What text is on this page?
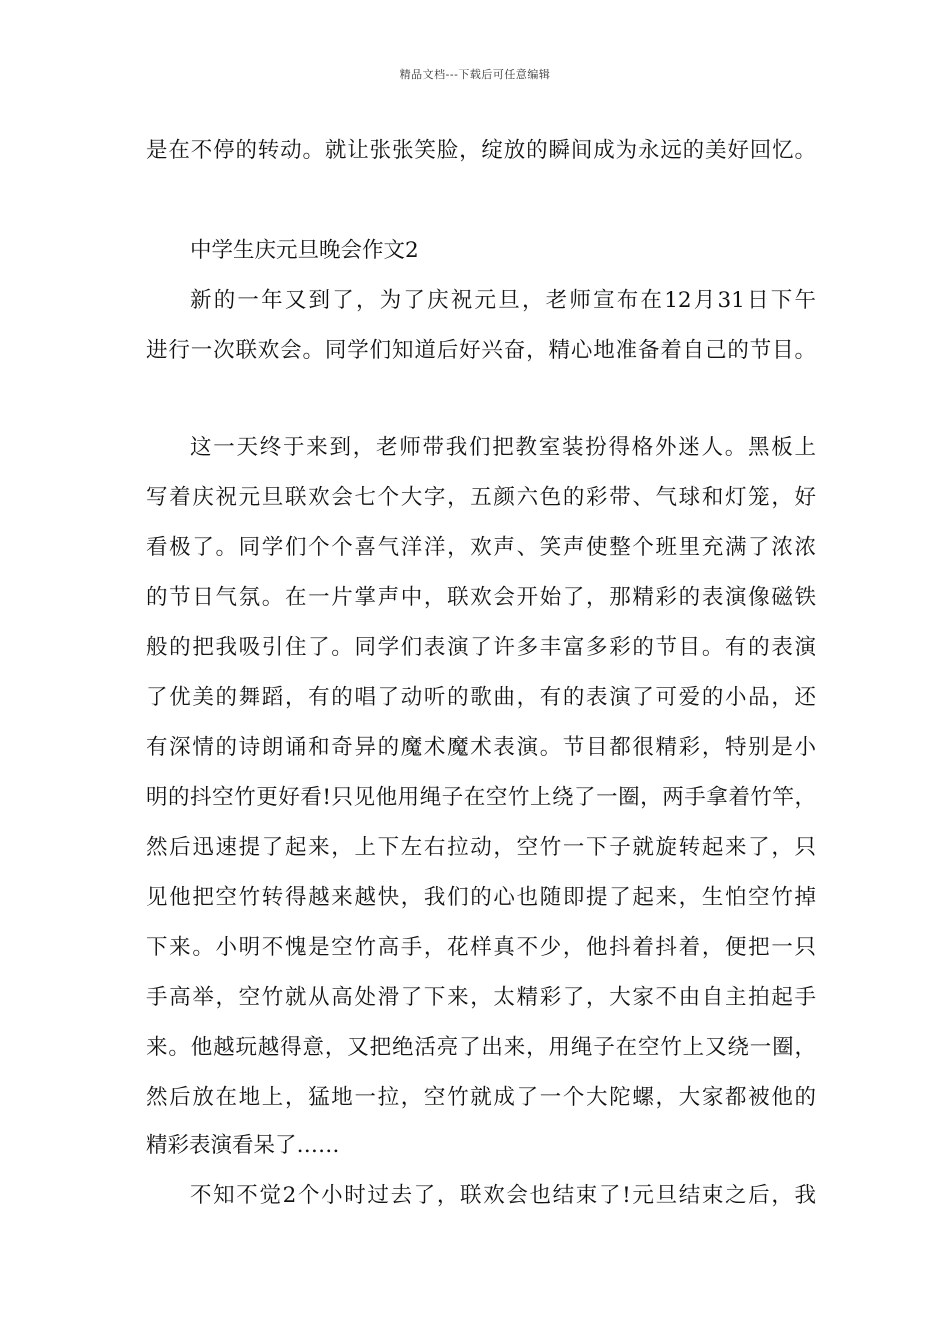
精品文档---下载后可任意编辑
是在不停的转动。就让张张笑脸，绽放的瞬间成为永远的美好回忆。
中学生庆元旦晚会作文2
新的一年又到了，为了庆祝元旦，老师宣布在12月31日下午
进行一次联欢会。同学们知道后好兴奋，精心地准备着自己的节目。
这一天终于来到，老师带我们把教室装扮得格外迷人。黑板上
写着庆祝元旦联欢会七个大字，五颜六色的彩带、气球和灯笼，好
看极了。同学们个个喜气洋洋，欢声、笑声使整个班里充满了浓浓
的节日气氛。在一片掌声中，联欢会开始了，那精彩的表演像磁铁
般的把我吸引住了。同学们表演了许多丰富多彩的节目。有的表演
了优美的舞蹈，有的唱了动听的歌曲，有的表演了可爱的小品，还
有深情的诗朗诵和奇异的魔术魔术表演。节目都很精彩，特别是小
明的抖空竹更好看!只见他用绳子在空竹上绕了一圈，两手拿着竹竿，
然后迅速提了起来，上下左右拉动，空竹一下子就旋转起来了，只
见他把空竹转得越来越快，我们的心也随即提了起来，生怕空竹掉
下来。小明不愧是空竹高手，花样真不少，他抖着抖着，便把一只
手高举，空竹就从高处滑了下来，太精彩了，大家不由自主拍起手
来。他越玩越得意，又把绝活亮了出来，用绳子在空竹上又绕一圈，
然后放在地上，猛地一拉，空竹就成了一个大陀螺，大家都被他的
精彩表演看呆了……
不知不觉2个小时过去了，联欢会也结束了!元旦结束之后，我
